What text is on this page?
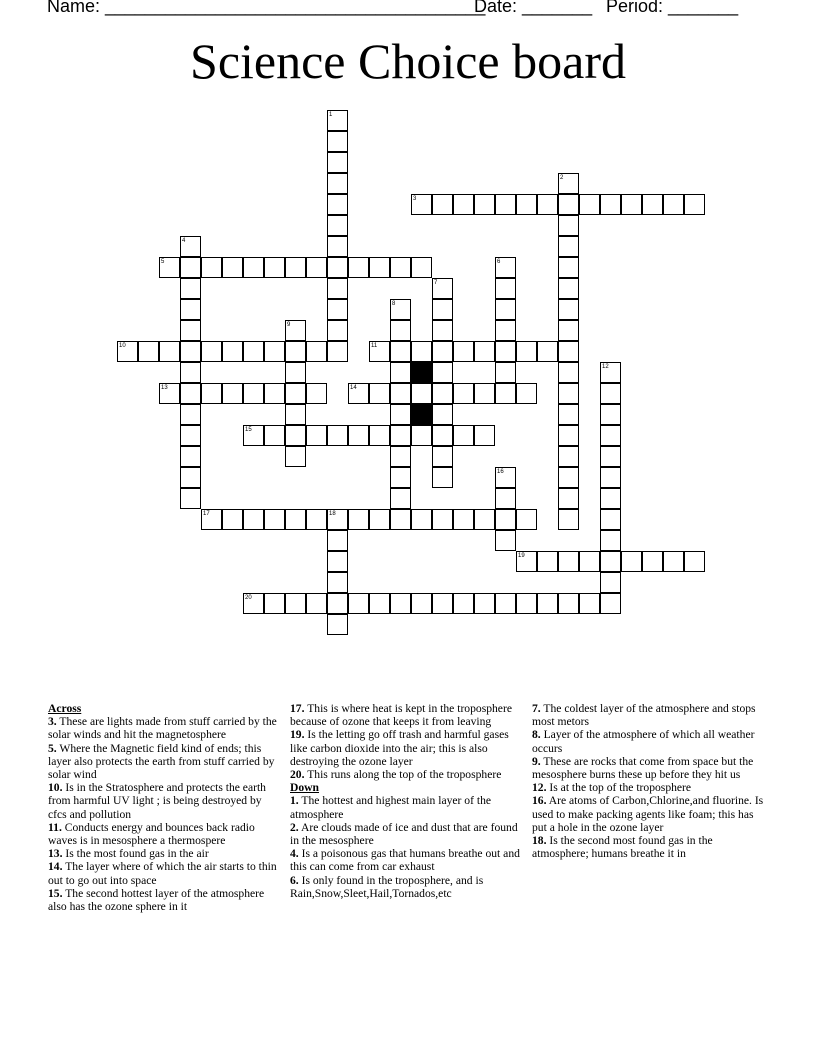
Name: ______________________________________
Date: _______ Period: _______
Science Choice board
1
2
3
4
5	6
7
8
9
10	11
12
13	14
15
16
17	18
19
20

Across

3. These are lights made from stuff carried by the solar winds and hit the magnetosphere

5. Where the Magnetic field kind of ends; this layer also protects the earth from stuff carried by solar wind

10. Is in the Stratosphere and protects the earth from harmful UV light ; is being destroyed by cfcs and pollution

11. Conducts energy and bounces back radio waves is in mesosphere a thermospere

13. Is the most found gas in the air

14. The layer where of which the air starts to thin out to go out into space

15. The second hottest layer of the atmosphere also has the ozone sphere in it

17. This is where heat is kept in the troposphere because of ozone that keeps it from leaving

19. Is the letting go off trash and harmful gases like carbon dioxide into the air; this is also destroying the ozone layer

20. This runs along the top of the troposphere

Down

1. The hottest and highest main layer of the atmosphere

2. Are clouds made of ice and dust that are found in the mesosphere

4. Is a poisonous gas that humans breathe out and this can come from car exhaust

6. Is only found in the troposphere, and is Rain,Snow,Sleet,Hail,Tornados,etc

7. The coldest layer of the atmosphere and stops most metors

8. Layer of the atmosphere of which all weather occurs

9. These are rocks that come from space but the mesosphere burns these up before they hit us

12. Is at the top of the troposphere

16. Are atoms of Carbon,Chlorine,and fluorine. Is used to make packing agents like foam; this has put a hole in the ozone layer

18. Is the second most found gas in the atmosphere; humans breathe it in
